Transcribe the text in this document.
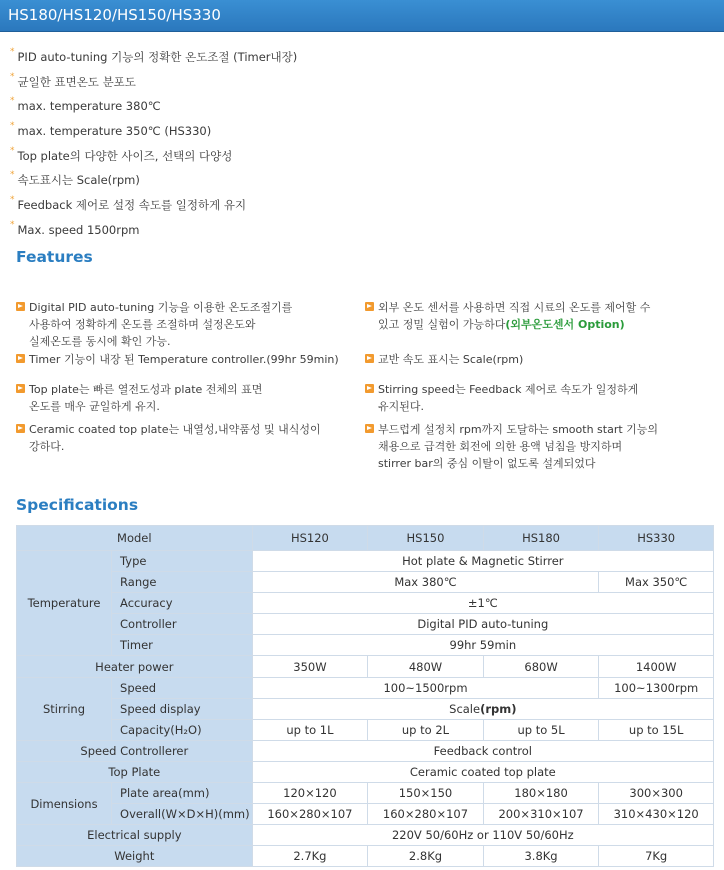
HS180/HS120/HS150/HS330
* PID auto-tuning 기능의 정확한 온도조절 (Timer내장)
* 균일한 표면온도 분포도
* max. temperature 380℃
* max. temperature 350℃ (HS330)
* Top plate의 다양한 사이즈, 선택의 다양성
* 속도표시는 Scale(rpm)
* Feedback 제어로 설정 속도를 일정하게 유지
* Max. speed 1500rpm
Features
Digital PID auto-tuning 기능을 이용한 온도조절기를
사용하여 정확하게 온도를 조절하며 설정온도와
실제온도를 동시에 확인 가능.
Timer 기능이 내장 된 Temperature controller.(99hr 59min)
Top plate는 빠른 열전도성과 plate 전체의 표면
온도를 매우 균일하게 유지.
Ceramic coated top plate는 내열성,내약품성 및 내식성이
강하다.
외부 온도 센서를 사용하면 직접 시료의 온도를 제어할 수
있고 정밀 실험이 가능하다(외부온도센서 Option)
교반 속도 표시는 Scale(rpm)
Stirring speed는 Feedback 제어로 속도가 일정하게
유지된다.
부드럽게 설정치 rpm까지 도달하는 smooth start 기능의
채용으로 급격한 회전에 의한 용액 넘침을 방지하며
stirrer bar의 중심 이탈이 없도록 설계되었다
Specifications
Model		HS120	HS150	HS180	HS330
Temperature	Type	Hot plate & Magnetic Stirrer			
	Range	Max 380℃			Max 350℃
	Accuracy	±1℃			
	Controller	Digital PID auto-tuning			
	Timer	99hr 59min			
Heater power		350W	480W	680W	1400W
Stirring	Speed	100~1500rpm			100~1300rpm
	Speed display	Scale(rpm)			
	Capacity(H₂O)	up to 1L	up to 2L	up to 5L	up to 15L
Speed Controllerer		Feedback control			
Top Plate		Ceramic coated top plate			
Dimensions	Plate area(mm)	120×120	150×150	180×180	300×300
	Overall(W×D×H)(mm)	160×280×107	160×280×107	200×310×107	310×430×120
Electrical supply		220V 50/60Hz or 110V 50/60Hz			
Weight		2.7Kg	2.8Kg	3.8Kg	7Kg
